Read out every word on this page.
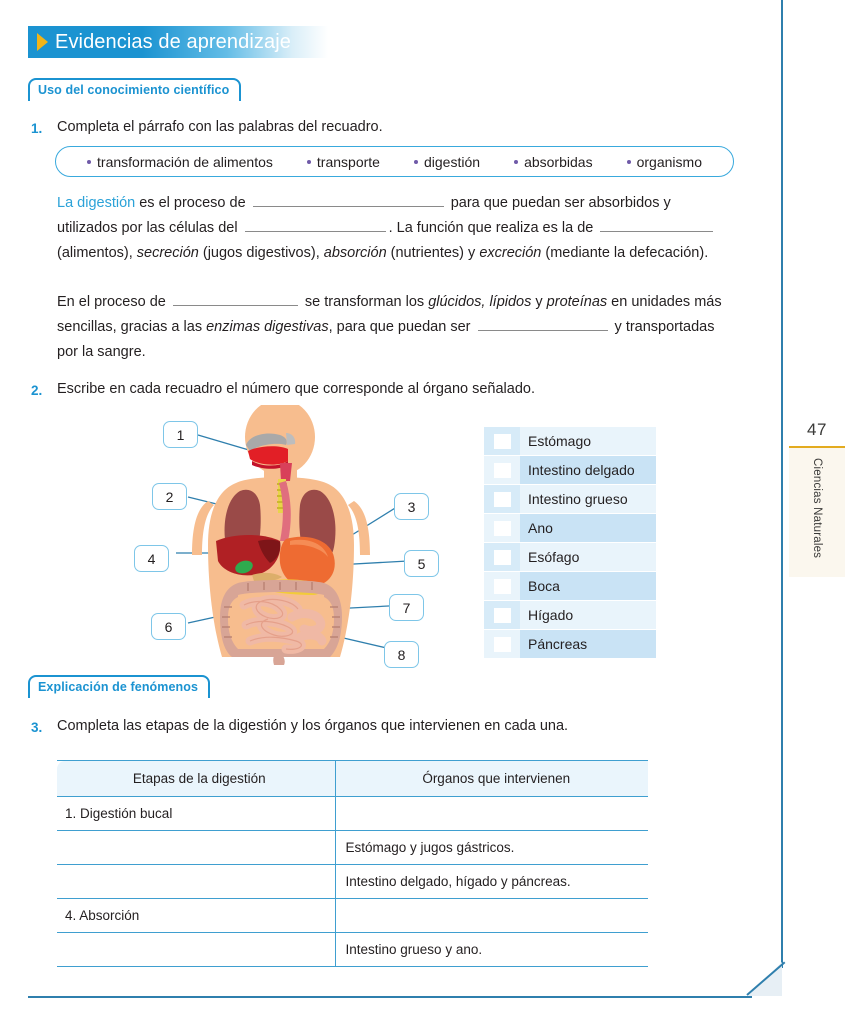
47
Ciencias Naturales
Evidencias de aprendizaje
Uso del conocimiento científico
1. Completa el párrafo con las palabras del recuadro.
transformación de alimentos	transporte	digestión	absorbidas	organismo
La digestión es el proceso de	para que puedan ser absorbidos y utilizados por las células del	. La función que realiza es la de  (alimentos), secreción (jugos digestivos), absorción (nutrientes) y excreción (mediante la defecación).
En el proceso de	se transforman los glúcidos, lípidos y proteínas en unidades más sencillas, gracias a las enzimas digestivas, para que puedan ser	y transportadas por la sangre.
2. Escribe en cada recuadro el número que corresponde al órgano señalado.
1
2
3
4	5
6
7
8
Estómago
Intestino delgado
Intestino grueso
Ano
Esófago
Boca
Hígado
Páncreas
Explicación de fenómenos
3. Completa las etapas de la digestión y los órganos que intervienen en cada una.
Etapas de la digestión	Órganos que intervienen
1. Digestión bucal	
	Estómago y jugos gástricos.
	Intestino delgado, hígado y páncreas.
4. Absorción	
	Intestino grueso y ano.
